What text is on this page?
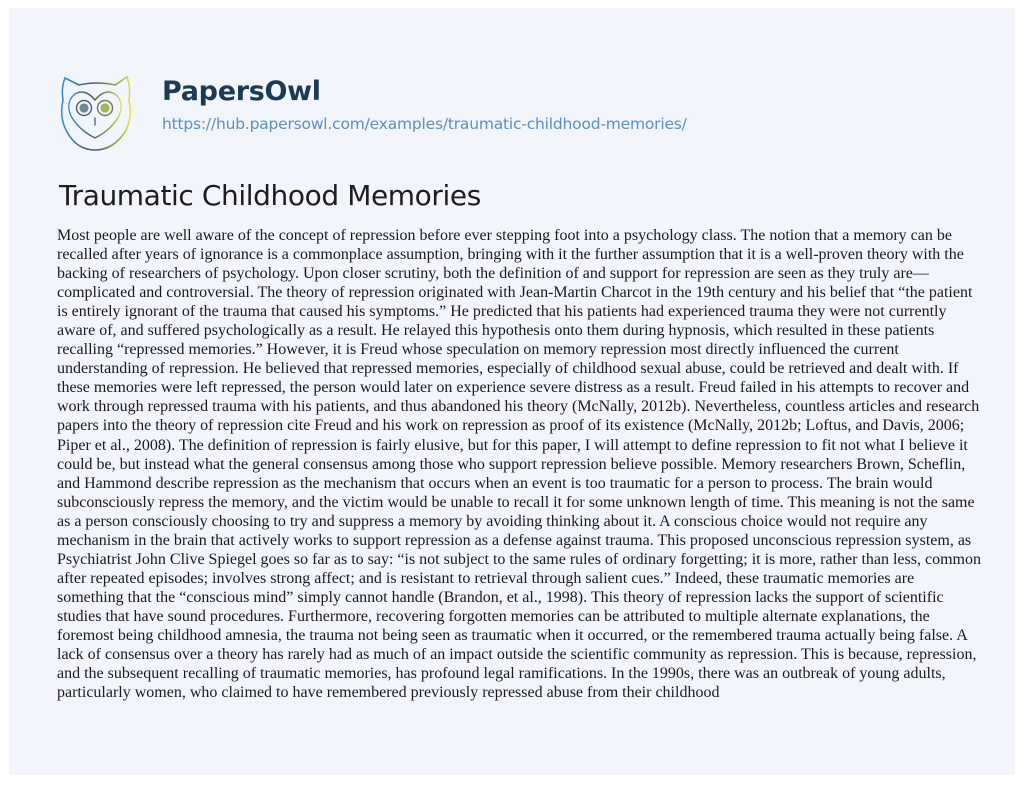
PapersOwl
https://hub.papersowl.com/examples/traumatic-childhood-memories/
Traumatic Childhood Memories
Most people are well aware of the concept of repression before ever stepping foot into a psychology class. The notion that a memory can be
recalled after years of ignorance is a commonplace assumption, bringing with it the further assumption that it is a well-proven theory with the
backing of researchers of psychology. Upon closer scrutiny, both the definition of and support for repression are seen as they truly are—
complicated and controversial. The theory of repression originated with Jean-Martin Charcot in the 19th century and his belief that “the patient
is entirely ignorant of the trauma that caused his symptoms.” He predicted that his patients had experienced trauma they were not currently
aware of, and suffered psychologically as a result. He relayed this hypothesis onto them during hypnosis, which resulted in these patients
recalling “repressed memories.” However, it is Freud whose speculation on memory repression most directly influenced the current
understanding of repression. He believed that repressed memories, especially of childhood sexual abuse, could be retrieved and dealt with. If
these memories were left repressed, the person would later on experience severe distress as a result. Freud failed in his attempts to recover and
work through repressed trauma with his patients, and thus abandoned his theory (McNally, 2012b). Nevertheless, countless articles and research
papers into the theory of repression cite Freud and his work on repression as proof of its existence (McNally, 2012b; Loftus, and Davis, 2006;
Piper et al., 2008). The definition of repression is fairly elusive, but for this paper, I will attempt to define repression to fit not what I believe it
could be, but instead what the general consensus among those who support repression believe possible. Memory researchers Brown, Scheflin,
and Hammond describe repression as the mechanism that occurs when an event is too traumatic for a person to process. The brain would
subconsciously repress the memory, and the victim would be unable to recall it for some unknown length of time. This meaning is not the same
as a person consciously choosing to try and suppress a memory by avoiding thinking about it. A conscious choice would not require any
mechanism in the brain that actively works to support repression as a defense against trauma. This proposed unconscious repression system, as
Psychiatrist John Clive Spiegel goes so far as to say: “is not subject to the same rules of ordinary forgetting; it is more, rather than less, common
after repeated episodes; involves strong affect; and is resistant to retrieval through salient cues.” Indeed, these traumatic memories are
something that the “conscious mind” simply cannot handle (Brandon, et al., 1998). This theory of repression lacks the support of scientific
studies that have sound procedures. Furthermore, recovering forgotten memories can be attributed to multiple alternate explanations, the
foremost being childhood amnesia, the trauma not being seen as traumatic when it occurred, or the remembered trauma actually being false. A
lack of consensus over a theory has rarely had as much of an impact outside the scientific community as repression. This is because, repression,
and the subsequent recalling of traumatic memories, has profound legal ramifications. In the 1990s, there was an outbreak of young adults,
particularly women, who claimed to have remembered previously repressed abuse from their childhood
